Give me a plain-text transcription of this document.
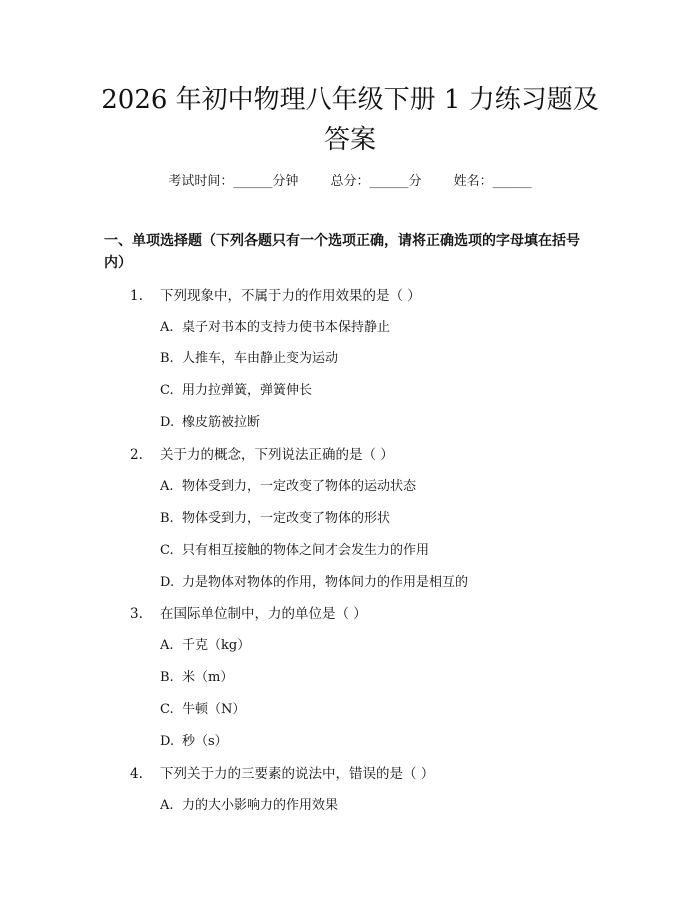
2026 年初中物理八年级下册 1 力练习题及答案
考试时间：______分钟 总分：______分 姓名：______
一、单项选择题（下列各题只有一个选项正确，请将正确选项的字母填在括号内）
1. 下列现象中，不属于力的作用效果的是（ ）
A. 桌子对书本的支持力使书本保持静止
B. 人推车，车由静止变为运动
C. 用力拉弹簧，弹簧伸长
D. 橡皮筋被拉断
2. 关于力的概念，下列说法正确的是（ ）
A. 物体受到力，一定改变了物体的运动状态
B. 物体受到力，一定改变了物体的形状
C. 只有相互接触的物体之间才会发生力的作用
D. 力是物体对物体的作用，物体间力的作用是相互的
3. 在国际单位制中，力的单位是（ ）
A. 千克（kg）
B. 米（m）
C. 牛顿（N）
D. 秒（s）
4. 下列关于力的三要素的说法中，错误的是（ ）
A. 力的大小影响力的作用效果
